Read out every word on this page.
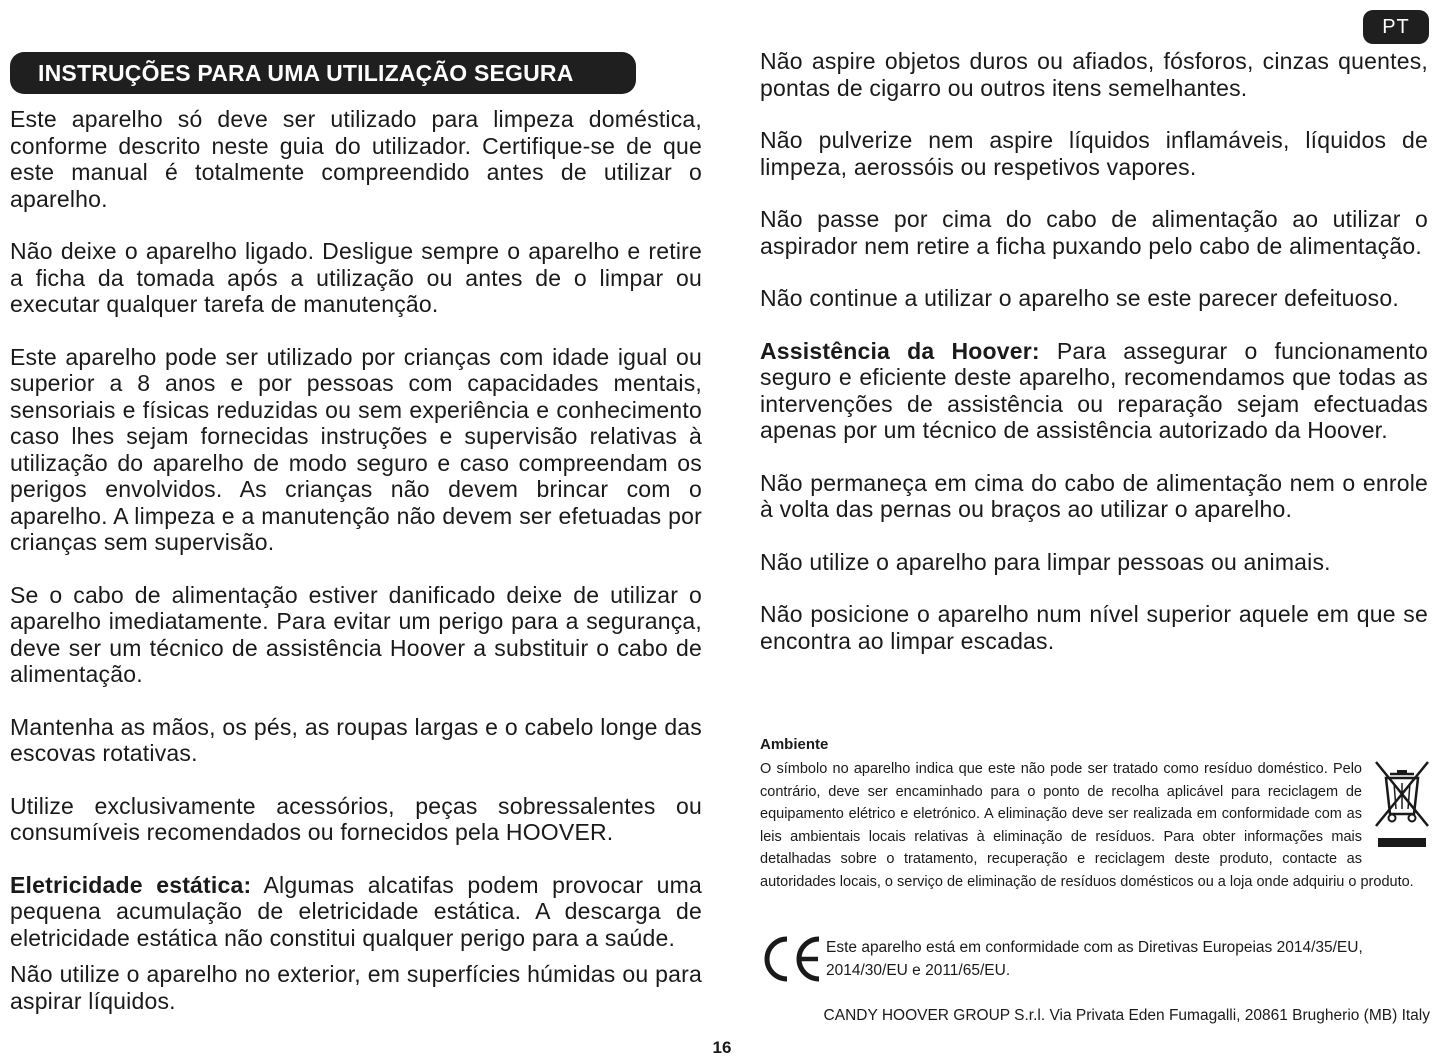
PT
INSTRUÇÕES PARA UMA UTILIZAÇÃO SEGURA

Este aparelho só deve ser utilizado para limpeza doméstica, conforme descrito neste guia do utilizador. Certifique-se de que este manual é totalmente compreendido antes de utilizar o aparelho.

Não deixe o aparelho ligado. Desligue sempre o aparelho e retire a ficha da tomada após a utilização ou antes de o limpar ou executar qualquer tarefa de manutenção.

Este aparelho pode ser utilizado por crianças com idade igual ou superior a 8 anos e por pessoas com capacidades mentais, sensoriais e físicas reduzidas ou sem experiência e conhecimento caso lhes sejam fornecidas instruções e supervisão relativas à utilização do aparelho de modo seguro e caso compreendam os perigos envolvidos. As crianças não devem brincar com o aparelho. A limpeza e a manutenção não devem ser efetuadas por crianças sem supervisão.

Se o cabo de alimentação estiver danificado deixe de utilizar o aparelho imediatamente. Para evitar um perigo para a segurança, deve ser um técnico de assistência Hoover a substituir o cabo de alimentação.

Mantenha as mãos, os pés, as roupas largas e o cabelo longe das escovas rotativas.

Utilize exclusivamente acessórios, peças sobressalentes ou consumíveis recomendados ou fornecidos pela HOOVER.

Eletricidade estática: Algumas alcatifas podem provocar uma pequena acumulação de eletricidade estática. A descarga de eletricidade estática não constitui qualquer perigo para a saúde.

Não utilize o aparelho no exterior, em superfícies húmidas ou para aspirar líquidos.

Não aspire objetos duros ou afiados, fósforos, cinzas quentes, pontas de cigarro ou outros itens semelhantes.

Não pulverize nem aspire líquidos inflamáveis, líquidos de limpeza, aerossóis ou respetivos vapores.

Não passe por cima do cabo de alimentação ao utilizar o aspirador nem retire a ficha puxando pelo cabo de alimentação.

Não continue a utilizar o aparelho se este parecer defeituoso.

Assistência da Hoover: Para assegurar o funcionamento seguro e eficiente deste aparelho, recomendamos que todas as intervenções de assistência ou reparação sejam efectuadas apenas por um técnico de assistência autorizado da Hoover.

Não permaneça em cima do cabo de alimentação nem o enrole à volta das pernas ou braços ao utilizar o aparelho.

Não utilize o aparelho para limpar pessoas ou animais.

Não posicione o aparelho num nível superior aquele em que se encontra ao limpar escadas.

Ambiente

O símbolo no aparelho indica que este não pode ser tratado como resíduo doméstico. Pelo contrário, deve ser encaminhado para o ponto de recolha aplicável para reciclagem de equipamento elétrico e eletrónico. A eliminação deve ser realizada em conformidade com as leis ambientais locais relativas à eliminação de resíduos. Para obter informações mais detalhadas sobre o tratamento, recuperação e reciclagem deste produto, contacte as autoridades locais, o serviço de eliminação de resíduos domésticos ou a loja onde adquiriu o produto.

Este aparelho está em conformidade com as Diretivas Europeias 2014/35/EU, 2014/30/EU e 2011/65/EU.

CANDY HOOVER GROUP S.r.l. Via Privata Eden Fumagalli, 20861 Brugherio (MB) Italy

16
